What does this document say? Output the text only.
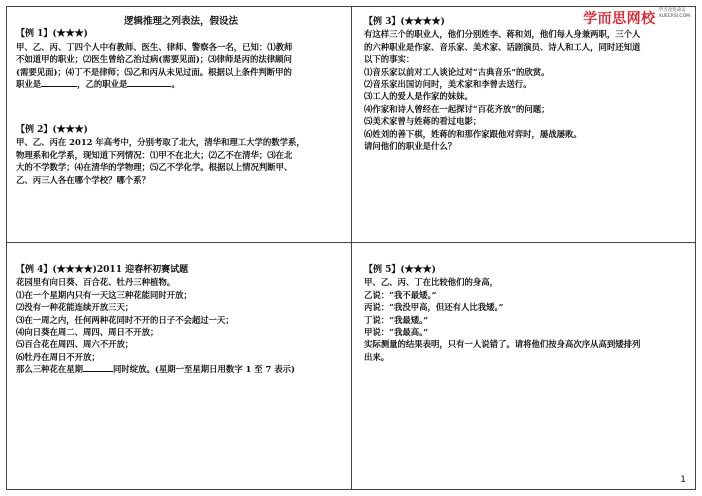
学而思网校
学习改变命运
XUEERSI.COM

逻辑推理之列表法，假设法

【例 1】(★★★)

甲、乙、丙、丁四个人中有教师、医生、律师、警察各一名，已知：⑴教师

不如道甲的职业；⑵医生曾给乙治过病(需要见面)；⑶律师是丙的法律顾问

(需要见面)；⑷丁不是律师；⑸乙和丙从未见过面。根据以上条件判断甲的

职业是	，乙的职业是	。

【例 2】(★★★)

甲、乙、丙在 2012 年高考中，分别考取了北大，清华和理工大学的数学系，

物理系和化学系，现知道下列情况：⑴甲不在北大；⑵乙不在清华；⑶在北

大的不学数学；⑷在清华的学物理；⑸乙不学化学。根据以上情况判断甲、

乙、丙三人各在哪个学校？哪个系？

【例 3】(★★★★)

有这样三个的职业人，他们分别姓李、蒋和刘，他们每人身兼两职，三个人

的六种职业是作家、音乐家、美术家、话剧演员、诗人和工人，同时还知道

以下的事实：

⑴音乐家以前对工人谈论过对“古典音乐”的欣赏。

⑵音乐家出国访问时，美术家和李曾去送行。

⑶工人的爱人是作家的妹妹。

⑷作家和诗人曾经在一起探讨“百花齐放”的问题；

⑸美术家曾与姓蒋的看过电影；

⑹姓刘的善下棋，姓蒋的和那作家跟他对弈时，屡战屡败。

请问他们的职业是什么？

【例 4】(★★★★)2011 迎春杯初赛试题

花园里有向日葵、百合花、牡丹三种植物。

⑴在一个星期内只有一天这三种花能同时开放；

⑵没有一种花能连续开放三天；

⑶在一周之内，任何两种花同时不开的日子不会超过一天；

⑷向日葵在周二、周四、周日不开放；

⑸百合花在周四、周六不开放；

⑹牡丹在周日不开放；

那么三种花在星期	同时绽放。(星期一至星期日用数字 1 至 7 表示)

【例 5】(★★★)

甲、乙、丙、丁在比较他们的身高，

乙说：“我不最矮。”

丙说：“我没甲高，但还有人比我矮。”

丁说：“我最矮。”

甲说：“我最高。”

实际测量的结果表明，只有一人说错了。请将他们按身高次序从高到矮排列

出来。

1
